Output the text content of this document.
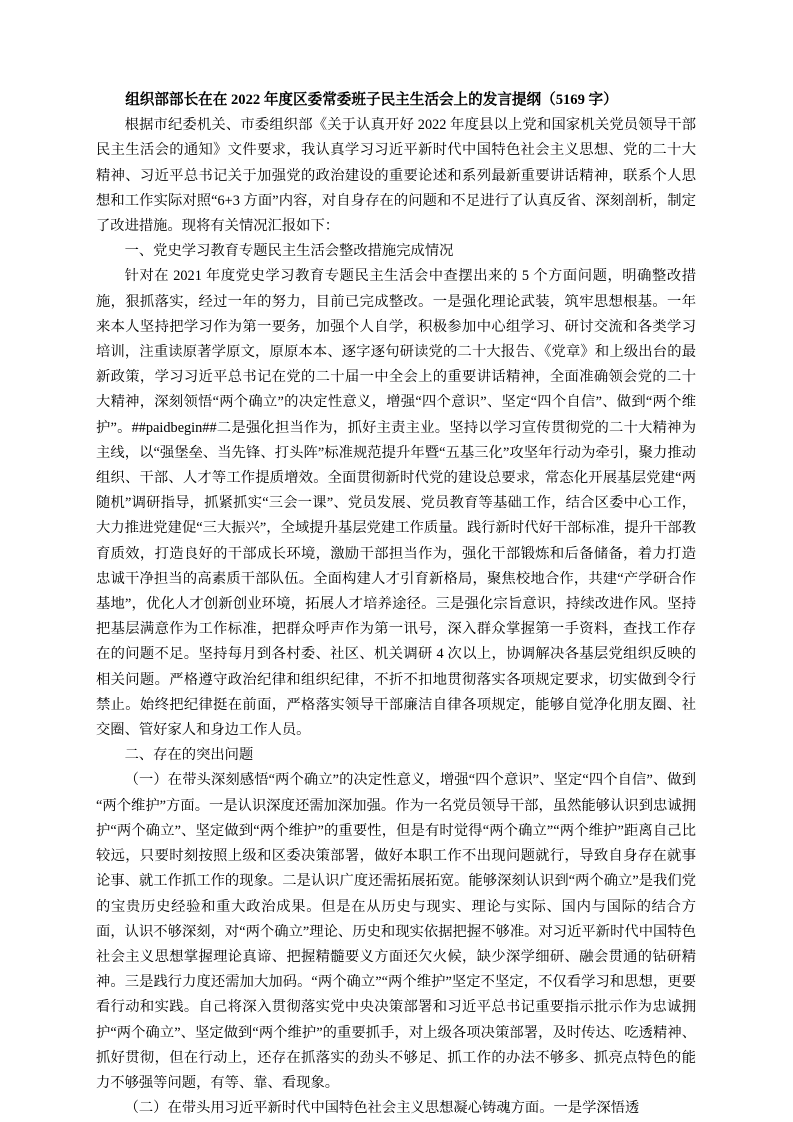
组织部部长在在 2022 年度区委常委班子民主生活会上的发言提纲（5169 字）

根据市纪委机关、市委组织部《关于认真开好 2022 年度县以上党和国家机关党员领导干部民主生活会的通知》文件要求，我认真学习习近平新时代中国特色社会主义思想、党的二十大精神、习近平总书记关于加强党的政治建设的重要论述和系列最新重要讲话精神，联系个人思想和工作实际对照“6+3 方面”内容，对自身存在的问题和不足进行了认真反省、深刻剖析，制定了改进措施。现将有关情况汇报如下：

一、党史学习教育专题民主生活会整改措施完成情况

针对在 2021 年度党史学习教育专题民主生活会中查摆出来的 5 个方面问题，明确整改措施，狠抓落实，经过一年的努力，目前已完成整改。一是强化理论武装，筑牢思想根基。一年来本人坚持把学习作为第一要务，加强个人自学，积极参加中心组学习、研讨交流和各类学习培训，注重读原著学原文，原原本本、逐字逐句研读党的二十大报告、《党章》和上级出台的最新政策，学习习近平总书记在党的二十届一中全会上的重要讲话精神，全面准确领会党的二十大精神，深刻领悟“两个确立”的决定性意义，增强“四个意识”、坚定“四个自信”、做到“两个维护”。##paidbegin##二是强化担当作为，抓好主责主业。坚持以学习宣传贯彻党的二十大精神为主线，以“强堡垒、当先锋、打头阵”标准规范提升年暨“五基三化”攻坚年行动为牵引，聚力推动组织、干部、人才等工作提质增效。全面贯彻新时代党的建设总要求，常态化开展基层党建“两随机”调研指导，抓紧抓实“三会一课”、党员发展、党员教育等基础工作，结合区委中心工作，大力推进党建促“三大振兴”，全域提升基层党建工作质量。践行新时代好干部标准，提升干部教育质效，打造良好的干部成长环境，激励干部担当作为，强化干部锻炼和后备储备，着力打造忠诚干净担当的高素质干部队伍。全面构建人才引育新格局，聚焦校地合作，共建“产学研合作基地”，优化人才创新创业环境，拓展人才培养途径。三是强化宗旨意识，持续改进作风。坚持把基层满意作为工作标准，把群众呼声作为第一讯号，深入群众掌握第一手资料，查找工作存在的问题不足。坚持每月到各村委、社区、机关调研 4 次以上，协调解决各基层党组织反映的相关问题。严格遵守政治纪律和组织纪律，不折不扣地贯彻落实各项规定要求，切实做到令行禁止。始终把纪律挺在前面，严格落实领导干部廉洁自律各项规定，能够自觉净化朋友圈、社交圈、管好家人和身边工作人员。

二、存在的突出问题

（一）在带头深刻感悟“两个确立”的决定性意义，增强“四个意识”、坚定“四个自信”、做到“两个维护”方面。一是认识深度还需加深加强。作为一名党员领导干部，虽然能够认识到忠诚拥护“两个确立”、坚定做到“两个维护”的重要性，但是有时觉得“两个确立”“两个维护”距离自己比较远，只要时刻按照上级和区委决策部署，做好本职工作不出现问题就行，导致自身存在就事论事、就工作抓工作的现象。二是认识广度还需拓展拓宽。能够深刻认识到“两个确立”是我们党的宝贵历史经验和重大政治成果。但是在从历史与现实、理论与实际、国内与国际的结合方面，认识不够深刻，对“两个确立”理论、历史和现实依据把握不够准。对习近平新时代中国特色社会主义思想掌握理论真谛、把握精髓要义方面还欠火候，缺少深学细研、融会贯通的钻研精神。三是践行力度还需加大加码。“两个确立”“两个维护”坚定不坚定，不仅看学习和思想，更要看行动和实践。自己将深入贯彻落实党中央决策部署和习近平总书记重要指示批示作为忠诚拥护“两个确立”、坚定做到“两个维护”的重要抓手，对上级各项决策部署，及时传达、吃透精神、抓好贯彻，但在行动上，还存在抓落实的劲头不够足、抓工作的办法不够多、抓亮点特色的能力不够强等问题，有等、靠、看现象。

（二）在带头用习近平新时代中国特色社会主义思想凝心铸魂方面。一是学深悟透
